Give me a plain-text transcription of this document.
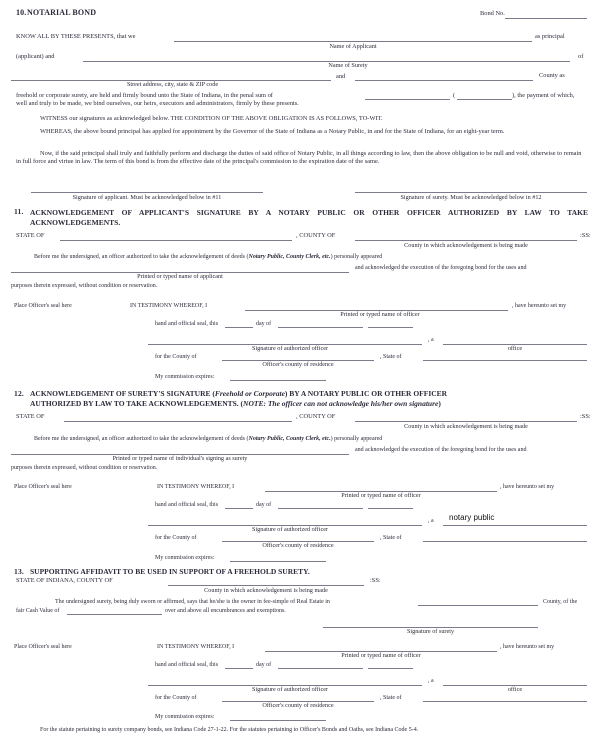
10. NOTARIAL BOND	Bond No.
KNOW ALL BY THESE PRESENTS, that we	as principal
Name of Applicant
(applicant) and	of
Name of Surety
and	County as
Street address, city, state & ZIP code
freehold or corporate surety, are held and firmly bound unto the State of Indiana, in the penal sum of	(	), the payment of which,
well and truly to be made, we bind ourselves, our heirs, executors and administrators, firmly by these presents.
WITNESS our signatures as acknowledged below. THE CONDITION OF THE ABOVE OBLIGATION IS AS FOLLOWS, TO-WIT.
WHEREAS, the above bound principal has applied for appointment by the Governor of the State of Indiana as a Notary Public, in and for the State of Indiana, for an eight-year term.
Now, if the said principal shall truly and faithfully perform and discharge the duties of said office of Notary Public, in all things according to law, then the above obligation to be null and void, otherwise to remain in full force and virtue in law. The term of this bond is from the effective date of the principal's commission to the expiration date of the same.
Signature of applicant. Must be acknowledged below in #11	Signature of surety. Must be acknowledged below in #12
11. ACKNOWLEDGEMENT OF APPLICANT'S SIGNATURE BY A NOTARY PUBLIC OR OTHER OFFICER AUTHORIZED BY LAW TO TAKE
ACKNOWLEDGEMENTS.
STATE OF	, COUNTY OF	:SS:
County in which acknowledgement is being made
Before me the undersigned, an officer authorized to take the acknowledgement of deeds (Notary Public, County Clerk, etc.) personally appeared
and acknowledged the execution of the foregoing bond for the uses and
Printed or typed name of applicant
purposes therein expressed, without condition or reservation.
Place Officer's seal here	IN TESTIMONY WHEREOF, I	, have hereunto set my
Printed or typed name of officer
hand and official seal, this	day of
Signature of authorized officer
, a
office
for the County of
Officer's county of residence
, State of
My commission expires:
12. ACKNOWLEDGEMENT OF SURETY'S SIGNATURE (Freehold or Corporate) BY A NOTARY PUBLIC OR OTHER OFFICER
AUTHORIZED BY LAW TO TAKE ACKNOWLEDGEMENTS. (NOTE: The officer can not acknowledge his/her own signature)
STATE OF	, COUNTY OF	:SS:
County in which acknowledgement is being made
Before me the undersigned, an officer authorized to take the acknowledgement of deeds (Notary Public, County Clerk, etc.) personally appeared
and acknowledged the execution of the foregoing bond for the uses and
Printed or typed name of individual's signing as surety
purposes therein expressed, without condition or reservation.
Place Officer's seal here	IN TESTIMONY WHEREOF, I	, have hereunto set my
Printed or typed name of officer
hand and official seal, this	day of
Signature of authorized officer
, a notary public
for the County of
Officer's county of residence
, State of
My commission expires:
13. SUPPORTING AFFIDAVIT TO BE USED IN SUPPORT OF A FREEHOLD SURETY.
STATE OF INDIANA, COUNTY OF	:SS:
County in which acknowledgement is being made
The undersigned surety, being duly sworn or affirmed, says that he/she is the owner in fee-simple of Real Estate in	County, of the
fair Cash Value of	over and above all encumbrances and exemptions.
Signature of surety
Place Officer's seal here	IN TESTIMONY WHEREOF, I	, have hereunto set my
Printed or typed name of officer
hand and official seal, this	day of
Signature of authorized officer
, a
office
for the County of
Officer's county of residence
, State of
My commission expires:
For the statute pertaining to surety company bonds, see Indiana Code 27-1-22. For the statutes pertaining to Officer's Bonds and Oaths, see Indiana Code 5-4.
